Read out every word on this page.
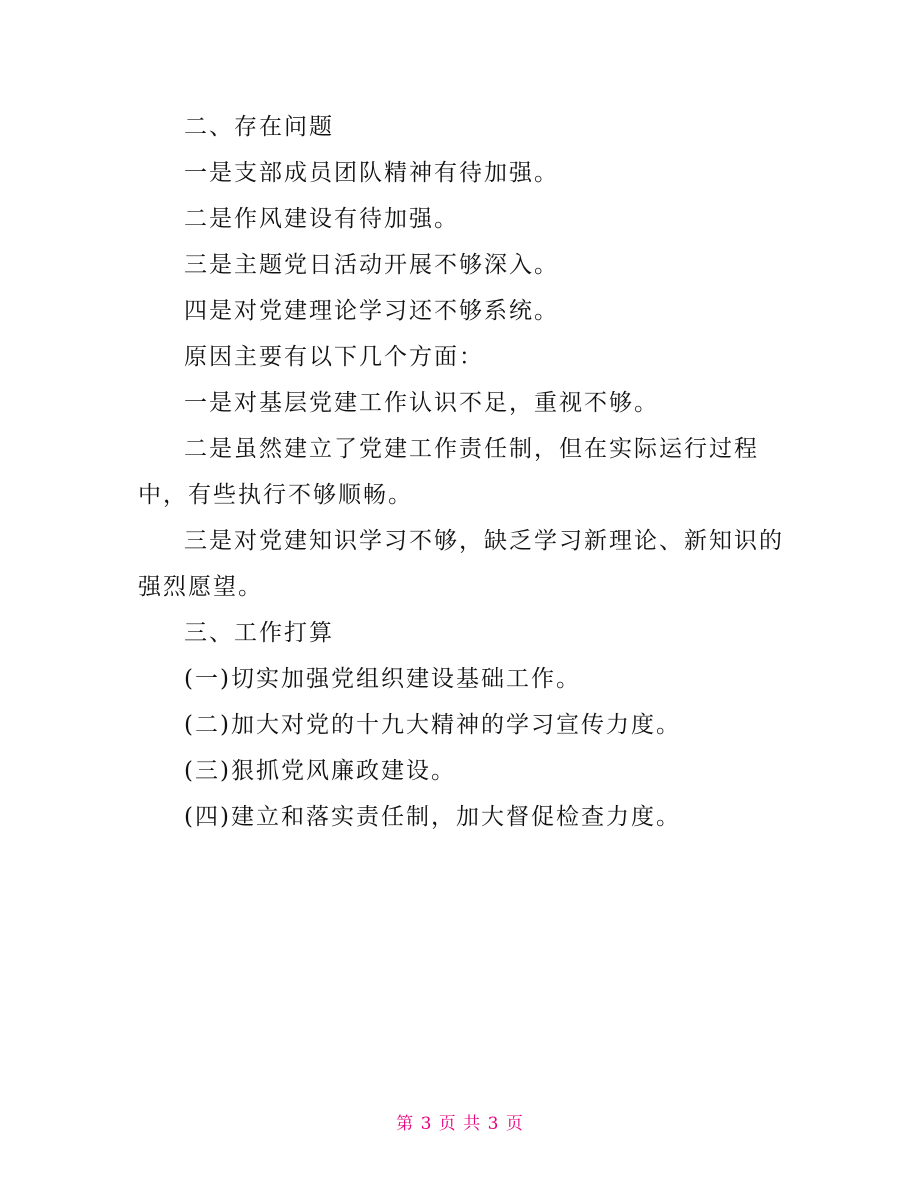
二、存在问题

一是支部成员团队精神有待加强。

二是作风建设有待加强。

三是主题党日活动开展不够深入。

四是对党建理论学习还不够系统。

原因主要有以下几个方面：

一是对基层党建工作认识不足，重视不够。

二是虽然建立了党建工作责任制，但在实际运行过程中，有些执行不够顺畅。

三是对党建知识学习不够，缺乏学习新理论、新知识的强烈愿望。

三、工作打算

(一)切实加强党组织建设基础工作。

(二)加大对党的十九大精神的学习宣传力度。

(三)狠抓党风廉政建设。

(四)建立和落实责任制，加大督促检查力度。

第 3 页 共 3 页
